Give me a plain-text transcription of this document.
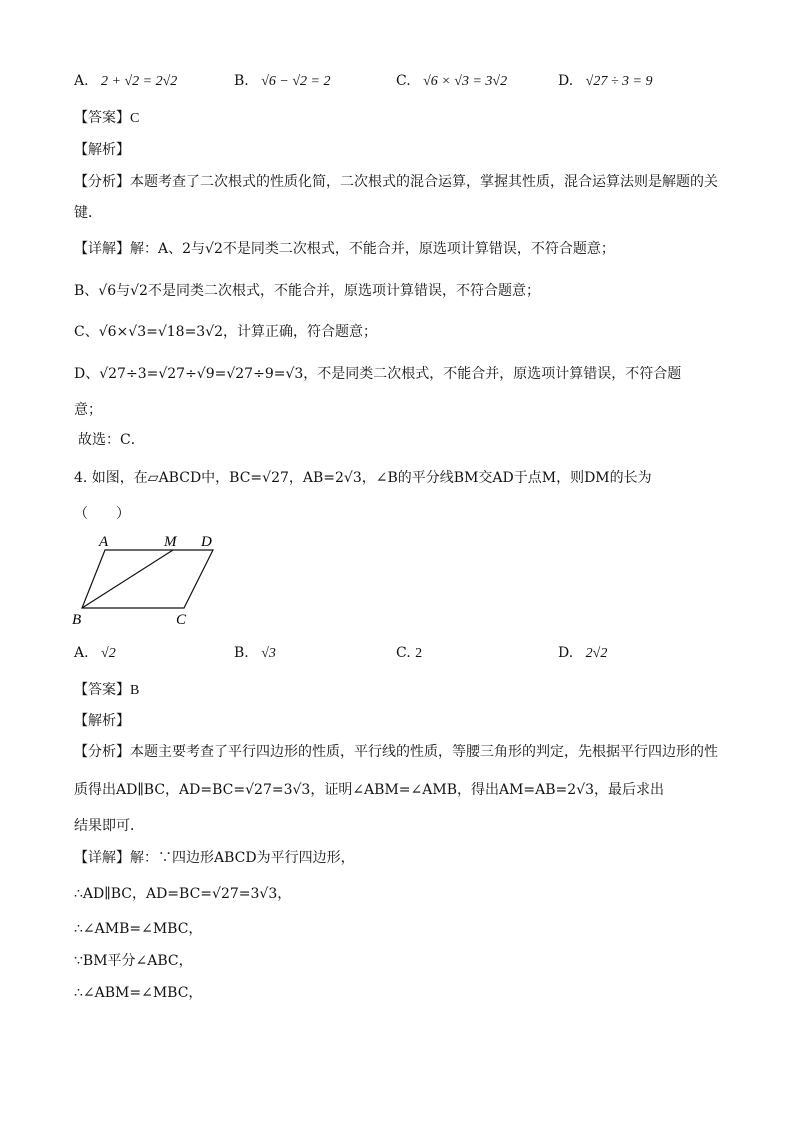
A. 2 + √2 = 2√2	B. √6 − √2 = 2	C. √6 × √3 = 3√2	D. √27 ÷ 3 = 9
【答案】C
【解析】
【分析】本题考查了二次根式的性质化简，二次根式的混合运算，掌握其性质，混合运算法则是解题的关
键．
【详解】解：A、2与√2不是同类二次根式，不能合并，原选项计算错误，不符合题意；
B、√6与√2不是同类二次根式，不能合并，原选项计算错误，不符合题意；
C、√6×√3=√18=3√2，计算正确，符合题意；
D、√27÷3=√27÷√9=√27÷9=√3，不是同类二次根式，不能合并，原选项计算错误，不符合题
意；
故选：C．
4. 如图，在▱ABCD中，BC=√27，AB=2√3，∠B的平分线BM交AD于点M，则DM的长为
（　　）
A	M D
B	C
A. √2	B. √3	C. 2	D. 2√2
【答案】B
【解析】
【分析】本题主要考查了平行四边形的性质，平行线的性质，等腰三角形的判定，先根据平行四边形的性
质得出AD∥BC，AD=BC=√27=3√3，证明∠ABM=∠AMB，得出AM=AB=2√3，最后求出
结果即可．
【详解】解：∵四边形ABCD为平行四边形，
∴AD∥BC，AD=BC=√27=3√3，
∴∠AMB=∠MBC，
∵BM平分∠ABC，
∴∠ABM=∠MBC，
